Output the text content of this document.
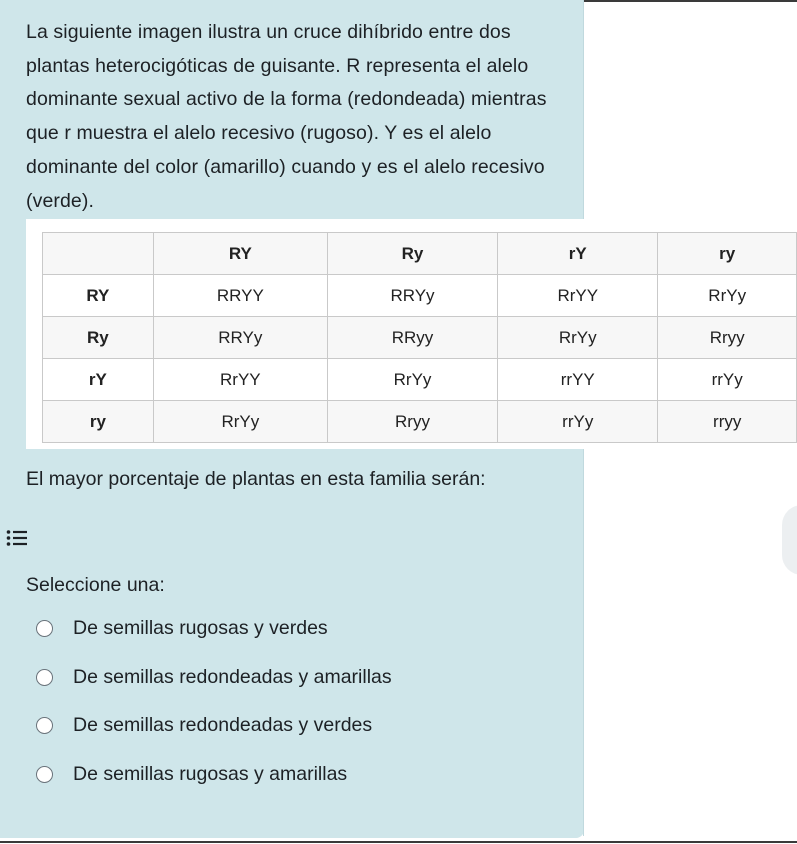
La siguiente imagen ilustra un cruce dihíbrido entre dos plantas heterocigóticas de guisante. R representa el alelo dominante sexual activo de la forma (redondeada) mientras que r muestra el alelo recesivo (rugoso). Y es el alelo dominante del color (amarillo) cuando y es el alelo recesivo (verde).
	RY	Ry	rY	ry
RY	RRYY	RRYy	RrYY	RrYy
Ry	RRYy	RRyy	RrYy	Rryy
rY	RrYY	RrYy	rrYY	rrYy
ry	RrYy	Rryy	rrYy	rryy
El mayor porcentaje de plantas en esta familia serán:
Seleccione una:
De semillas rugosas y verdes
De semillas redondeadas y amarillas
De semillas redondeadas y verdes
De semillas rugosas y amarillas
